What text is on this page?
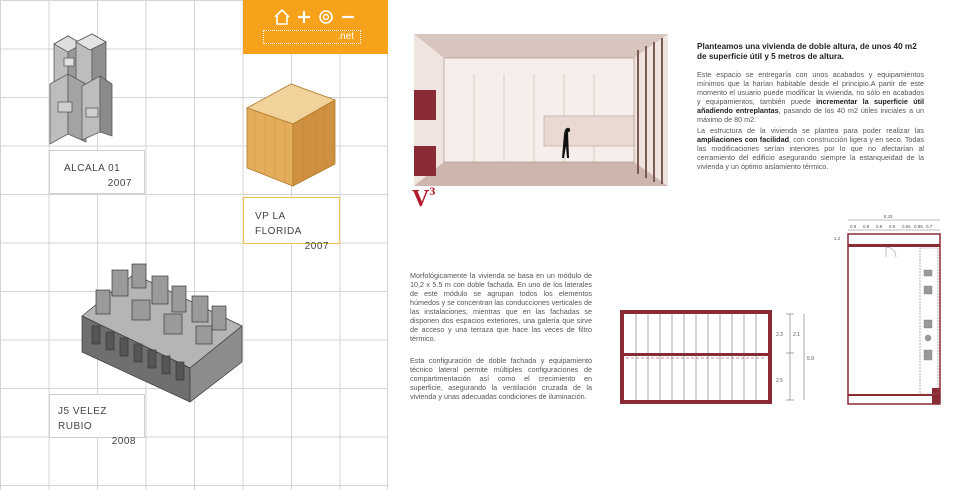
.net
ALCALA 01
2007
VP LA FLORIDA
2007
J5 VELEZ RUBIO
2008
$V^3$
Planteamos una vivienda de doble altura, de unos 40 m2 de superficie útil y 5 metros de altura.
Este espacio se entregaría con unos acabados y equipamientos mínimos que la harían habitable desde el principio.A partir de este momento el usuario puede modificar la vivienda, no sólo en acabados y equipamientos, también puede incrementar la superficie útil añadiendo entreplantas, pasando de los 40 m2 útiles iniciales a un máximo de 80 m2.
La estructura de la vivienda se plantea para poder realizar las ampliaciones con facilidad, con construcción ligera y en seco. Todas las modificaciones serían interiores por lo que no afectarían al cerramiento del edificio asegurando siempre la estanqueidad de la vivienda y un óptimo aislamiento térmico.
Morfológicamente la vivienda se basa en un módulo de 10,2 x 5.5 m con doble fachada. En uno de los laterales de este módulo se agrupan todos los elementos húmedos y se concentran las conducciones verticales de las instalaciones, mientras que en las fachadas se disponen dos espacios exteriores, una galería que sirve de acceso y una terraza que hace las veces de filtro térmico.
Esta configuración de doble fachada y equipamiento técnico lateral permite múltiples configuraciones de compartimentación así como el crecimiento en superficie, asegurando la ventilación cruzada de la vivienda y unas adecuadas condiciones de iluminación.
2.3 2.1
5.9
2.5
5.33
0.9 0.9 0.9 0.9 0.65 0.85 0.7
1.2
